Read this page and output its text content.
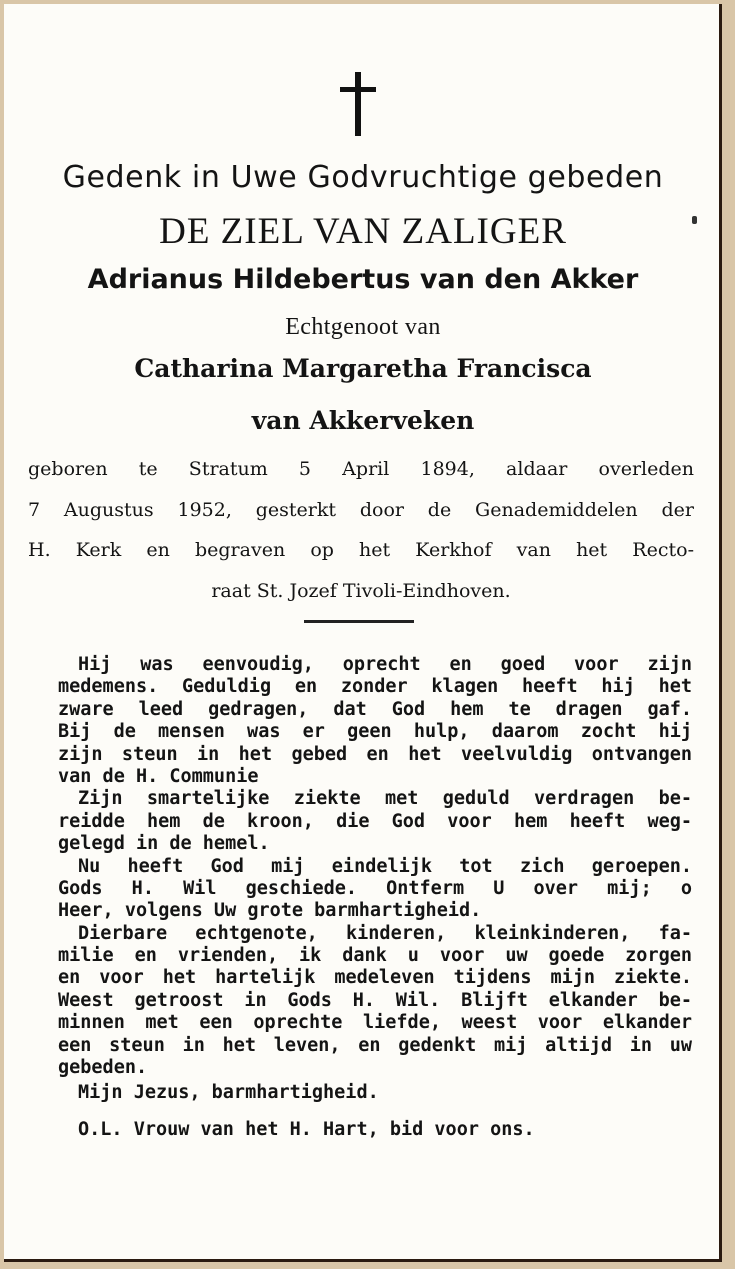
Gedenk in Uwe Godvruchtige gebeden
DE ZIEL VAN ZALIGER
Adrianus Hildebertus van den Akker
Echtgenoot van
Catharina Margaretha Francisca
van Akkerveken
geboren te Stratum 5 April 1894, aldaar overleden
7 Augustus 1952, gesterkt door de Genademiddelen der
H. Kerk en begraven op het Kerkhof van het Recto-
raat St. Jozef Tivoli-Eindhoven.
Hij was eenvoudig, oprecht en goed voor zijn
medemens. Geduldig en zonder klagen heeft hij het
zware leed gedragen, dat God hem te dragen gaf.
Bij de mensen was er geen hulp, daarom zocht hij
zijn steun in het gebed en het veelvuldig ontvangen
van de H. Communie
Zijn smartelijke ziekte met geduld verdragen be-
reidde hem de kroon, die God voor hem heeft weg-
gelegd in de hemel.
Nu heeft God mij eindelijk tot zich geroepen.
Gods H. Wil geschiede. Ontferm U over mij; o
Heer, volgens Uw grote barmhartigheid.
Dierbare echtgenote, kinderen, kleinkinderen, fa-
milie en vrienden, ik dank u voor uw goede zorgen
en voor het hartelijk medeleven tijdens mijn ziekte.
Weest getroost in Gods H. Wil. Blijft elkander be-
minnen met een oprechte liefde, weest voor elkander
een steun in het leven, en gedenkt mij altijd in uw
gebeden.
Mijn Jezus, barmhartigheid.
O.L. Vrouw van het H. Hart, bid voor ons.
